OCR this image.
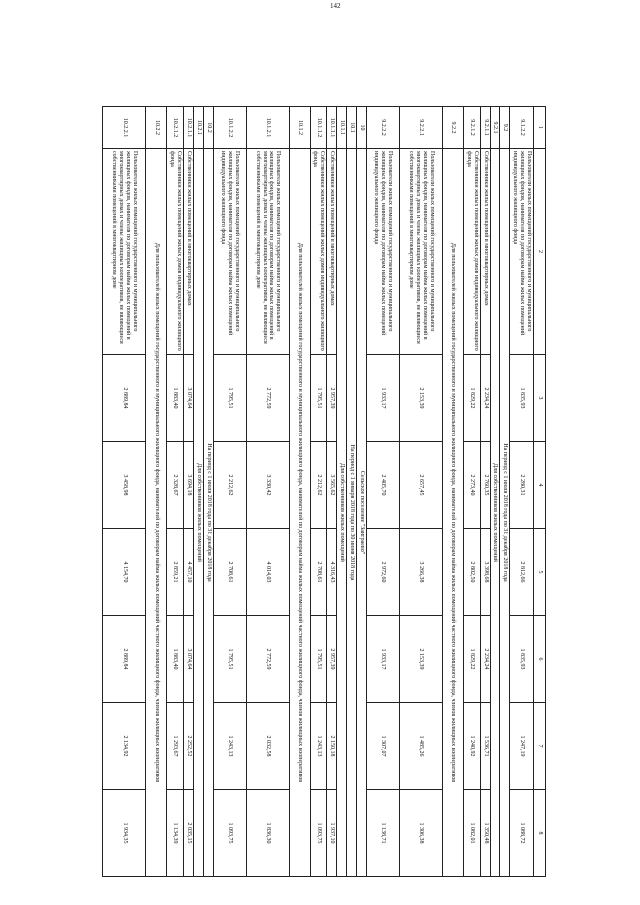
142
1	2	3	4	5	6	7	8
9.1.2.2	Пользователи жилых помещений государственного и муниципального жилищных фондов, нанимателя по договорам найма жилых помещений индивидуального жилищного фонда	1 835,93	2 280,31	2 812,66	1 835,93	1 247,19	1 088,72
9.2	На период с 1 июля 2018 года по 31 декабря 2018 года						
9.2.1	Для собственников жилых помещений						
9.2.1.1	Собственники жилых помещений в многоквартирных домах	2 234,24	2 760,35	3 398,68	2 234,24	1 536,71	1 350,48
9.2.1.2	Собственники жилых помещений жилых домов индивидуального жилищного фонда	1 829,22	2 273,40	2 802,50	1 829,22	1 240,92	1 082,01
9.2.2	Для пользователей жилых помещений государственного и муниципального жилищного фонда, нанимателей по договорам найма жилых помещений частного жилищного фонда, членов жилищных кооперативов						
9.2.2.1	Пользователи жилых помещений государственного и муниципального жилищных фондов, нанимателя по договорам найма жилых помещений в многоквартирных домах и члены жилищных кооперативов, не являющиеся собственниками помещений в многоквартирном доме	2 153,39	2 657,45	3 266,38	2 153,39	1 485,26	1 306,38
9.2.2.2	Пользователи жилых помещений государственного и муниципального жилищных фондов, нанимателя по договорам найма жилых помещений индивидуального жилищного фонда	1 933,17	2 405,70	2 972,60	1 933,17	1 307,07	1 138,71
10	Сельское поселение "Заиграево"						
10.1	На период с 1 января 2018 года по 30 июня 2018 года						
10.1.1	Для собственников жилых помещений						
10.1.1.1	Собственники жилых помещений в многоквартирных домах	2 957,39	3 565,62	4 316,43	2 957,39	2 150,18	1 937,10
10.1.1.2	Собственники жилых помещений жилых домов индивидуального жилищного фонда	1 795,51	2 212,62	2 708,61	1 795,51	1 243,13	1 093,75
10.1.2	Для пользователей жилых помещений государственного и муниципального жилищного фонда, нанимателей по договорам найма жилых помещений частного жилищного фонда, членов жилищных кооперативов						
10.1.2.1	Пользователи жилых помещений государственного и муниципального жилищных фондов, нанимателя по договорам найма жилых помещений в многоквартирных домах и члены жилищных кооперативов, не являющиеся собственниками помещений в многоквартирном доме	2 772,59	3 330,42	4 014,03	2 772,59	2 032,58	1 836,30
10.1.2.2	Пользователи жилых помещений государственного и муниципального жилищных фондов, нанимателя по договорам найма жилых помещений индивидуального жилищного фонда	1 795,51	2 212,62	2 708,61	1 795,51	1 243,13	1 093,75
10.2	На период с 1 июля 2018 года по 31 декабря 2018 года						
10.2.1	Для собственников жилых помещений						
10.2.1.1	Собственники жилых помещений в многоквартирных домах	3 074,64	3 694,18	4 457,10	3 074,64	2 252,52	2 035,15
10.2.1.2	Собственники жилых помещений жилых домов индивидуального жилищного фонда	1 883,40	2 328,67	2 859,21	1 883,40	1 293,67	1 134,39
10.2.2	Для пользователей жилых помещений государственного и муниципального жилищного фонда, нанимателей по договорам найма жилых помещений частного жилищного фонда, членов жилищных кооперативов						
10.2.2.1	Пользователи жилых помещений государственного и муниципального жилищных фондов, нанимателя по договорам найма жилых помещений в многоквартирных домах и члены жилищных кооперативов, не являющиеся собственниками помещений в многоквартирном доме	2 889,84	3 458,98	4 154,70	2 889,84	2 134,92	1 934,35
